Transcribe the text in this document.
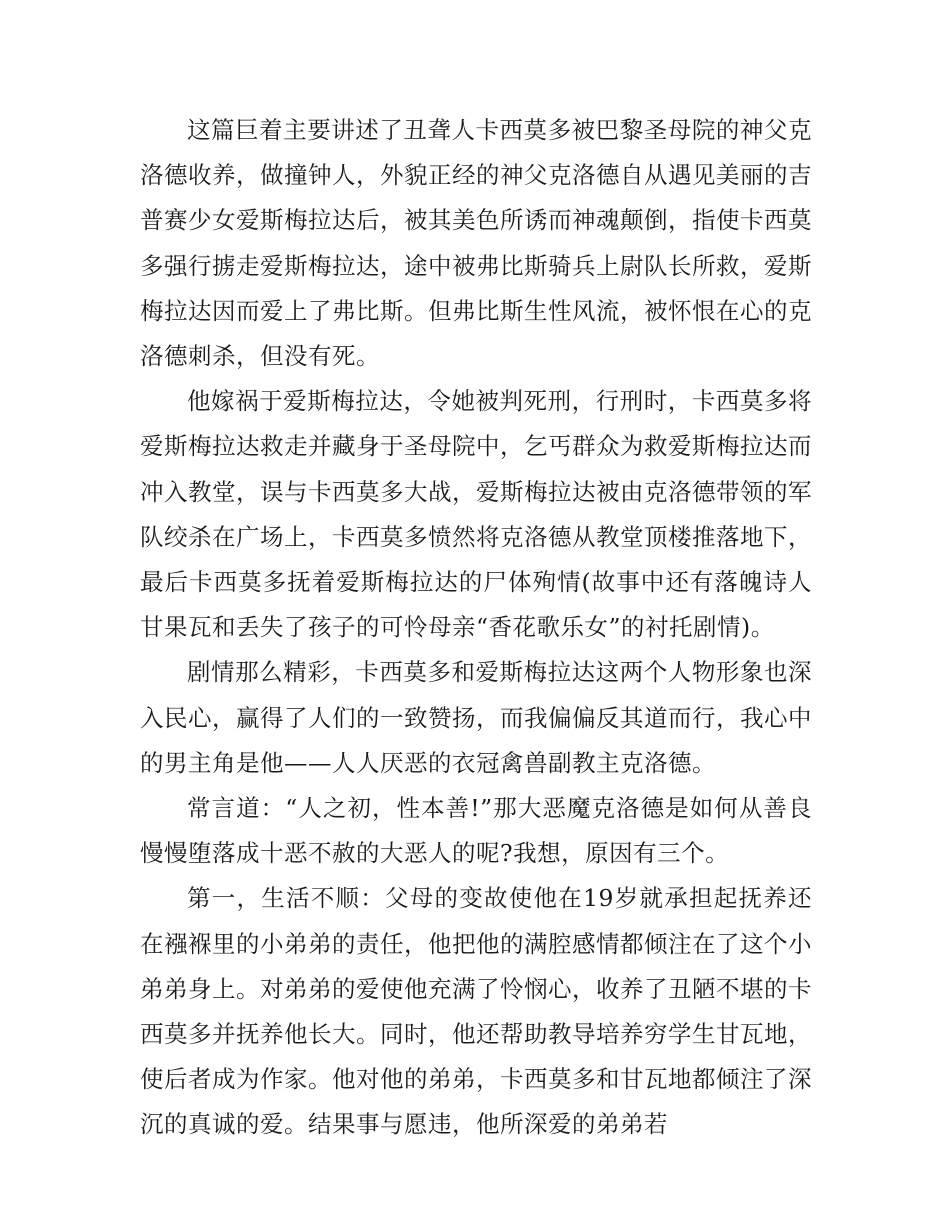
这篇巨着主要讲述了丑聋人卡西莫多被巴黎圣母院的神父克洛德收养，做撞钟人，外貌正经的神父克洛德自从遇见美丽的吉普赛少女爱斯梅拉达后，被其美色所诱而神魂颠倒，指使卡西莫多强行掳走爱斯梅拉达，途中被弗比斯骑兵上尉队长所救，爱斯梅拉达因而爱上了弗比斯。但弗比斯生性风流，被怀恨在心的克洛德刺杀，但没有死。

他嫁祸于爱斯梅拉达，令她被判死刑，行刑时，卡西莫多将爱斯梅拉达救走并藏身于圣母院中，乞丐群众为救爱斯梅拉达而冲入教堂，误与卡西莫多大战，爱斯梅拉达被由克洛德带领的军队绞杀在广场上，卡西莫多愤然将克洛德从教堂顶楼推落地下，最后卡西莫多抚着爱斯梅拉达的尸体殉情(故事中还有落魄诗人甘果瓦和丢失了孩子的可怜母亲“香花歌乐女”的衬托剧情)。

剧情那么精彩，卡西莫多和爱斯梅拉达这两个人物形象也深入民心，赢得了人们的一致赞扬，而我偏偏反其道而行，我心中的男主角是他——人人厌恶的衣冠禽兽副教主克洛德。

常言道：“人之初，性本善!”那大恶魔克洛德是如何从善良慢慢堕落成十恶不赦的大恶人的呢?我想，原因有三个。

第一，生活不顺：父母的变故使他在19岁就承担起抚养还在襁褓里的小弟弟的责任，他把他的满腔感情都倾注在了这个小弟弟身上。对弟弟的爱使他充满了怜悯心，收养了丑陋不堪的卡西莫多并抚养他长大。同时，他还帮助教导培养穷学生甘瓦地，使后者成为作家。他对他的弟弟，卡西莫多和甘瓦地都倾注了深沉的真诚的爱。结果事与愿违，他所深爱的弟弟若
